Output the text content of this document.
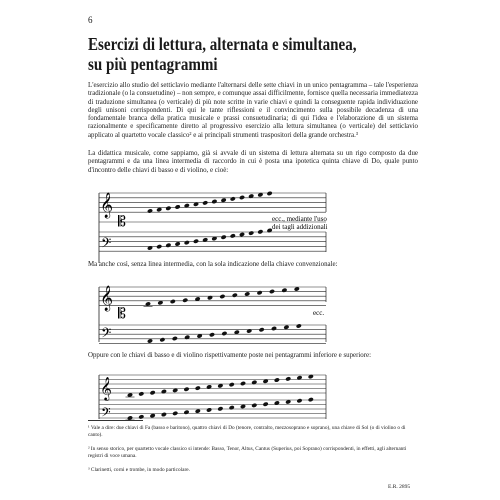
6
Esercizi di lettura, alternata e simultanea, su più pentagrammi

L'esercizio allo studio del setticlavio mediante l'alternarsi delle sette chiavi in un unico pentagramma – tale l'esperienza tradizionale (o la consuetudine) – non sempre, e comunque assai difficilmente, fornisce quella necessaria immediatezza di traduzione simultanea (o verticale) di più note scritte in varie chiavi e quindi la conseguente rapida individuazione degli unisoni corrispondenti. Di qui le tante riflessioni e il convincimento sulla possibile decadenza di una fondamentale branca della pratica musicale e prassi consuetudinaria; di qui l'idea e l'elaborazione di un sistema razionalmente e specificamente diretto al progressivo esercizio alla lettura simultanea (o verticale) del setticlavio applicato al quartetto vocale classico² e ai principali strumenti traspositori della grande orchestra.³

La didattica musicale, come sappiamo, già si avvale di un sistema di lettura alternata su un rigo composto da due pentagrammi e da una linea intermedia di raccordo in cui è posta una ipotetica quinta chiave di Do, quale punto d'incontro delle chiavi di basso e di violino, e cioè:

Ma anche così, senza linea intermedia, con la sola indicazione della chiave convenzionale:

Oppure con le chiavi di basso e di violino rispettivamente poste nei pentagrammi inferiore e superiore:

𝄞
𝄢
𝄡	ecc., mediante l'uso
dei tagli addizionali
𝄞
𝄢
𝄡	ecc.
𝄞
𝄢

¹ Vale a dire: due chiavi di Fa (basso e baritono), quattro chiavi di Do (tenore, contralto, mezzosoprano e soprano), una chiave di Sol (o di violino o di canto).

² In senso storico, per quartetto vocale classico si intende: Basso, Tenor, Altus, Cantus (Superius, poi Soprano) corrispondenti, in effetti, agli alternanti registri di voce umana.

³ Clarinetti, corni e trombe, in modo particolare.

E.R. 2895
